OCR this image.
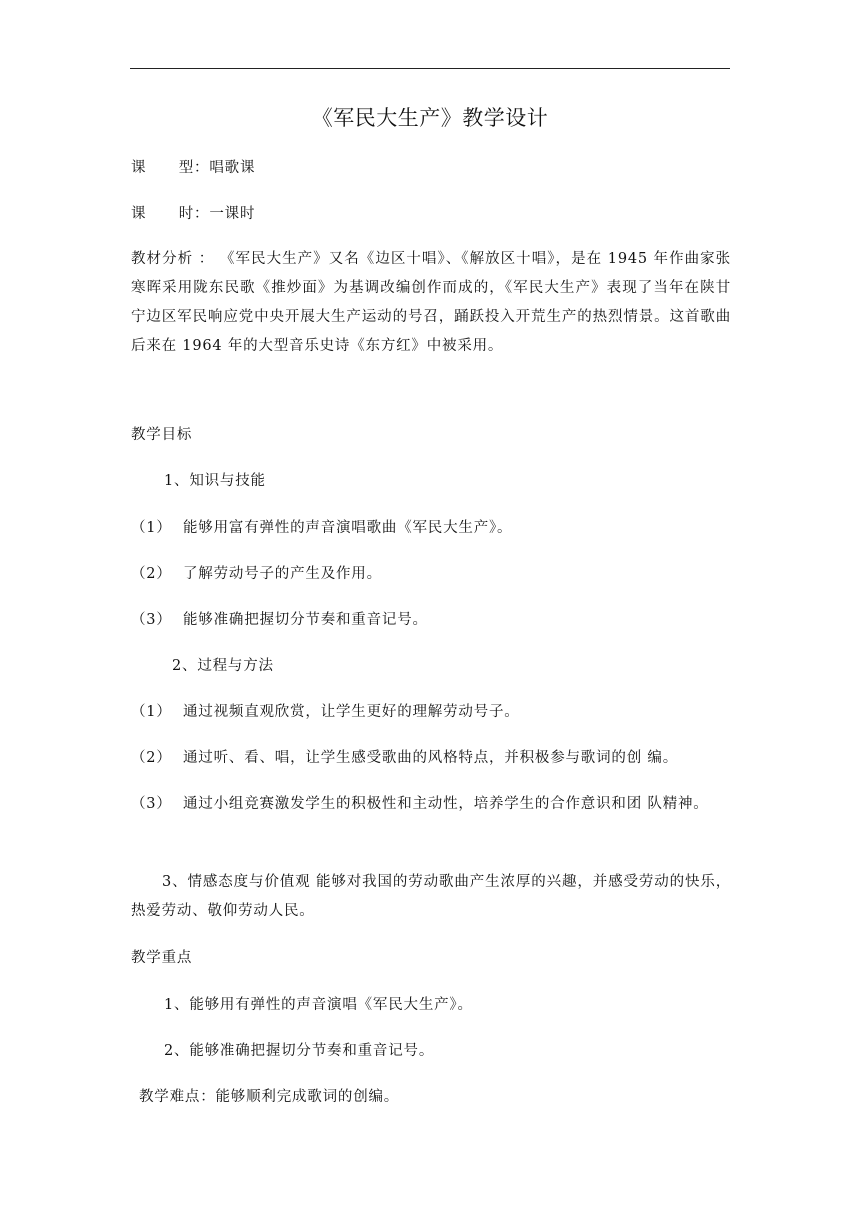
《军民大生产》教学设计
课      型：唱歌课
课      时：一课时
教材分析 ： 《军民大生产》又名《边区十唱》、《解放区十唱》，是在 1945 年作曲家张寒晖采用陇东民歌《推炒面》为基调改编创作而成的，《军民大生产》表现了当年在陕甘宁边区军民响应党中央开展大生产运动的号召，踊跃投入开荒生产的热烈情景。这首歌曲后来在 1964 年的大型音乐史诗《东方红》中被采用。
教学目标
1、知识与技能
（1） 能够用富有弹性的声音演唱歌曲《军民大生产》。
（2） 了解劳动号子的产生及作用。
（3） 能够准确把握切分节奏和重音记号。
2、过程与方法
（1） 通过视频直观欣赏，让学生更好的理解劳动号子。
（2） 通过听、看、唱，让学生感受歌曲的风格特点，并积极参与歌词的创 编。
（3） 通过小组竞赛激发学生的积极性和主动性，培养学生的合作意识和团 队精神。
3、情感态度与价值观 能够对我国的劳动歌曲产生浓厚的兴趣，并感受劳动的快乐，热爱劳动、敬仰劳动人民。
教学重点
1、能够用有弹性的声音演唱《军民大生产》。
2、能够准确把握切分节奏和重音记号。
教学难点：能够顺利完成歌词的创编。
